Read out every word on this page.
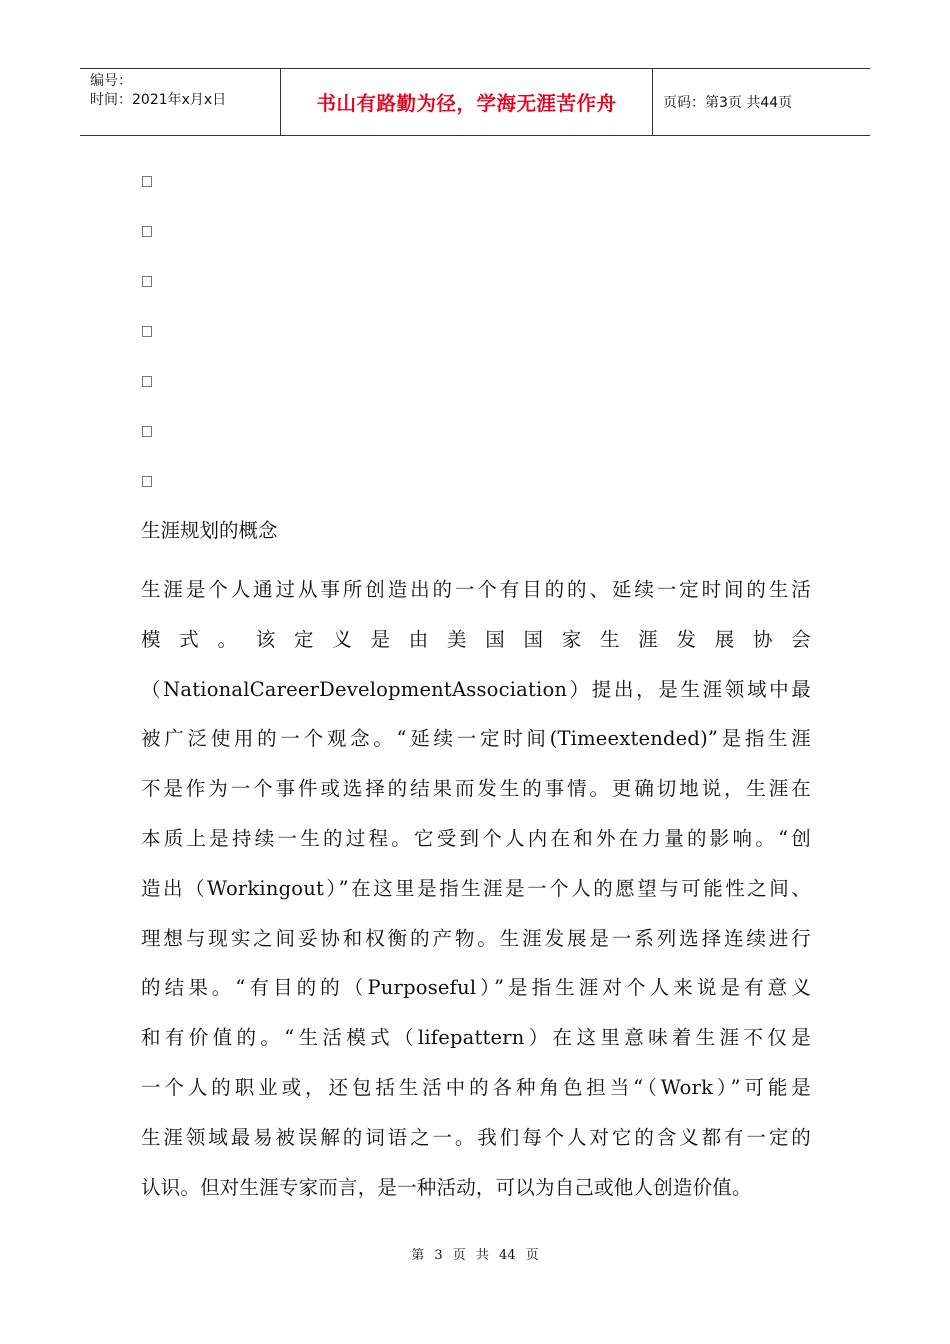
编号：
时间：2021年x月x日	书山有路勤为径，学海无涯苦作舟	页码：第3页 共44页
生涯规划的概念

生涯是个人通过从事所创造出的一个有目的的、延续一定时间的生活
模 式 。 该 定 义 是 由 美 国 国 家 生 涯 发 展 协 会
（NationalCareerDevelopmentAssociation）提出，是生涯领域中最
被广泛使用的一个观念。“延续一定时间(Timeextended)”是指生涯
不是作为一个事件或选择的结果而发生的事情。更确切地说，生涯在
本质上是持续一生的过程。它受到个人内在和外在力量的影响。“创
造出（Workingout）”在这里是指生涯是一个人的愿望与可能性之间、
理想与现实之间妥协和权衡的产物。生涯发展是一系列选择连续进行
的结果。“有目的的（Purposeful）”是指生涯对个人来说是有意义
和有价值的。“生活模式（lifepattern）在这里意味着生涯不仅是
一个人的职业或，还包括生活中的各种角色担当“（Work）”可能是
生涯领域最易被误解的词语之一。我们每个人对它的含义都有一定的
认识。但对生涯专家而言，是一种活动，可以为自己或他人创造价值。

第 3 页 共 44 页
